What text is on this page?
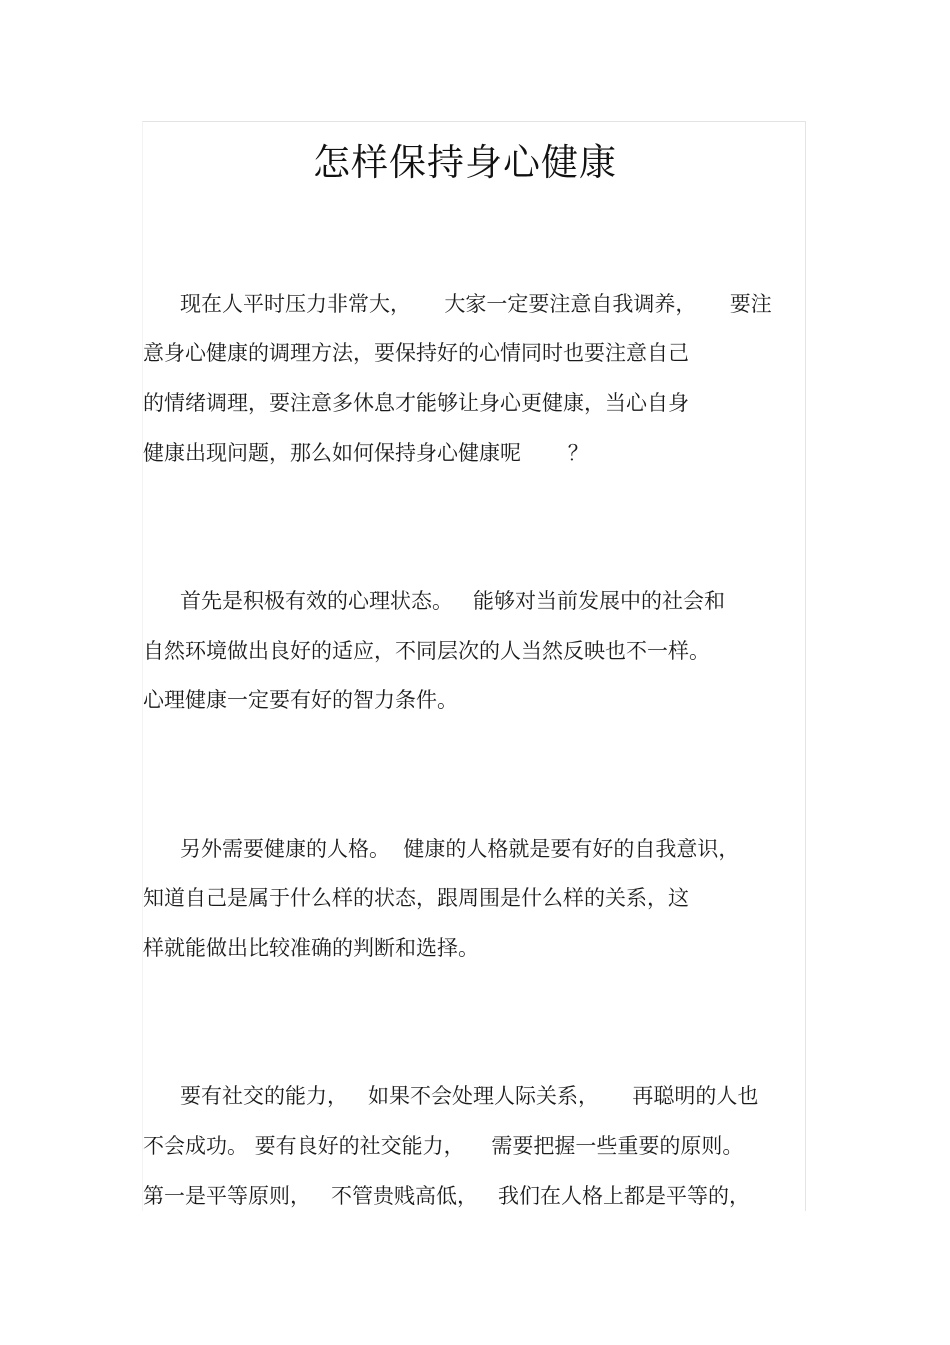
怎样保持身心健康
现在人平时压力非常大，     大家一定要注意自我调养，     要注
意身心健康的调理方法，要保持好的心情同时也要注意自己
的情绪调理，要注意多休息才能够让身心更健康，当心自身
健康出现问题，那么如何保持身心健康呢       ？
首先是积极有效的心理状态。   能够对当前发展中的社会和
自然环境做出良好的适应，不同层次的人当然反映也不一样。
心理健康一定要有好的智力条件。
另外需要健康的人格。  健康的人格就是要有好的自我意识，
知道自己是属于什么样的状态，跟周围是什么样的关系，这
样就能做出比较准确的判断和选择。
要有社交的能力，   如果不会处理人际关系，     再聪明的人也
不会成功。 要有良好的社交能力，    需要把握一些重要的原则。
第一是平等原则，   不管贵贱高低，   我们在人格上都是平等的，
